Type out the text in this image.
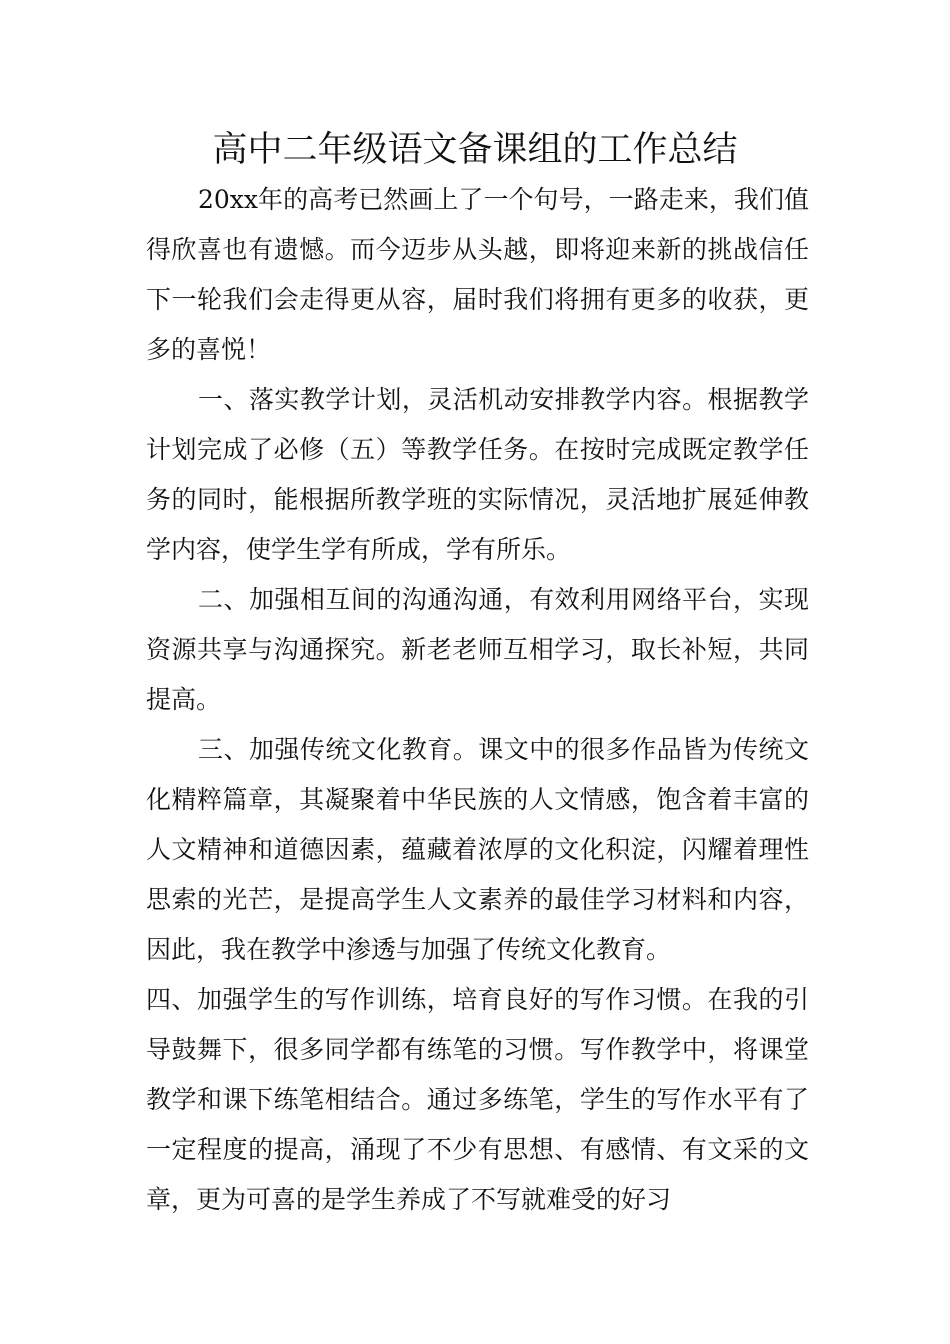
高中二年级语文备课组的工作总结

20xx年的高考已然画上了一个句号，一路走来，我们值得欣喜也有遗憾。而今迈步从头越，即将迎来新的挑战信任下一轮我们会走得更从容，届时我们将拥有更多的收获，更多的喜悦！

一、落实教学计划，灵活机动安排教学内容。根据教学计划完成了必修（五）等教学任务。在按时完成既定教学任务的同时，能根据所教学班的实际情况，灵活地扩展延伸教学内容，使学生学有所成，学有所乐。

二、加强相互间的沟通沟通，有效利用网络平台，实现资源共享与沟通探究。新老老师互相学习，取长补短，共同提高。

三、加强传统文化教育。课文中的很多作品皆为传统文化精粹篇章，其凝聚着中华民族的人文情感，饱含着丰富的人文精神和道德因素，蕴藏着浓厚的文化积淀，闪耀着理性思索的光芒，是提高学生人文素养的最佳学习材料和内容，因此，我在教学中渗透与加强了传统文化教育。

四、加强学生的写作训练，培育良好的写作习惯。在我的引导鼓舞下，很多同学都有练笔的习惯。写作教学中，将课堂教学和课下练笔相结合。通过多练笔，学生的写作水平有了一定程度的提高，涌现了不少有思想、有感情、有文采的文章，更为可喜的是学生养成了不写就难受的好习
